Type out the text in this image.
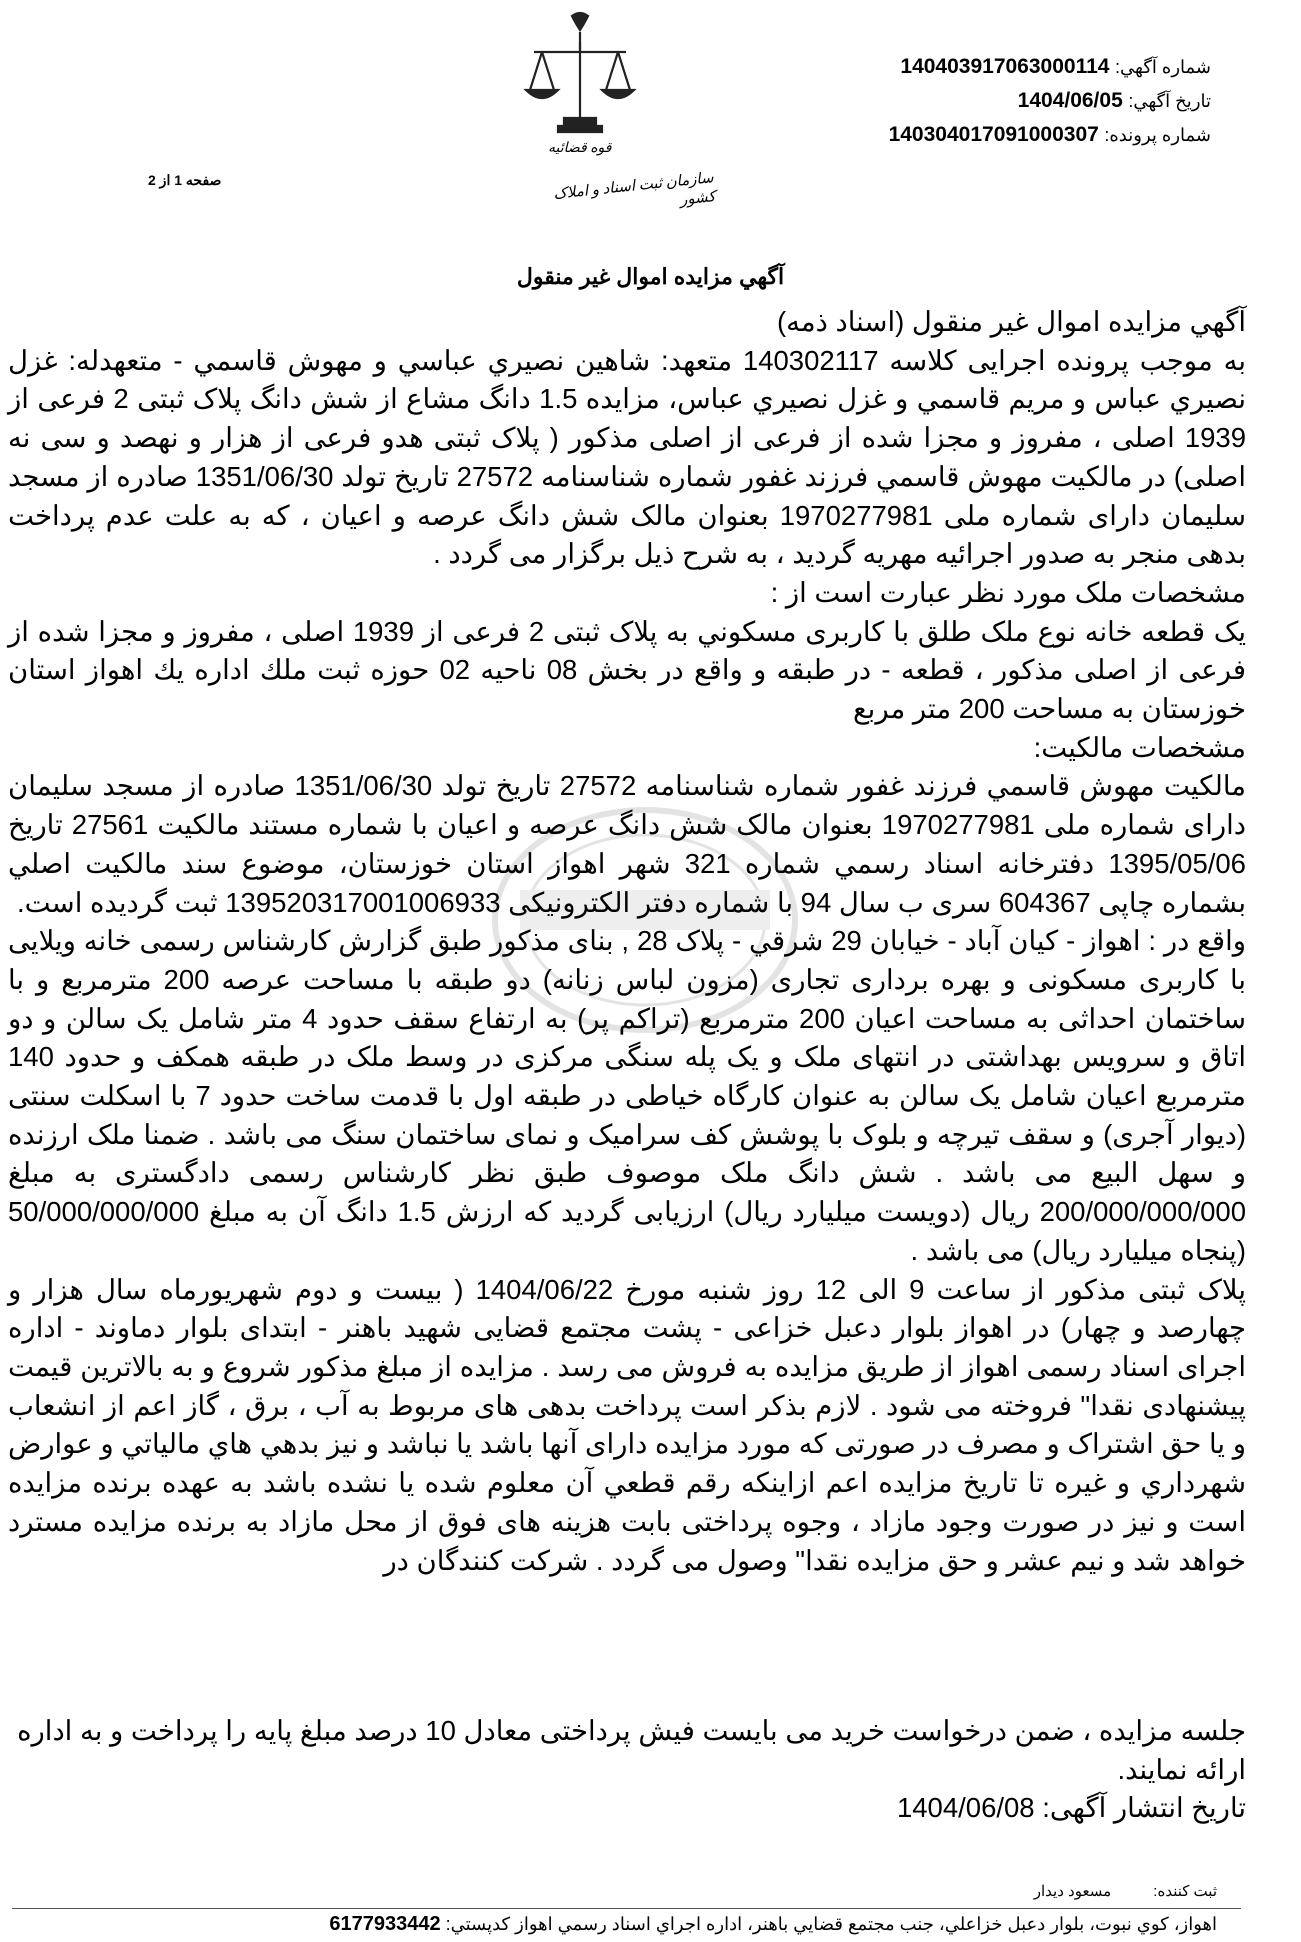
قوه قضائیه
سازمان ثبت اسناد و املاک کشور
صفحه 1 از 2
شماره آگهي: 140403917063000114
تاريخ آگهي: 1404/06/05
شماره پرونده: 140304017091000307
آگهي مزايده اموال غير منقول

آگهي مزايده اموال غير منقول (اسناد ذمه)

به موجب پرونده اجرايی كلاسه 140302117 متعهد: شاهين نصيري عباسي و مهوش قاسمي - متعهدله: غزل نصيري عباس و مريم قاسمي و غزل نصيري عباس، مزايده 1.5 دانگ مشاع از شش دانگ پلاک ثبتی 2 فرعی از 1939 اصلی ، مفروز و مجزا شده از فرعی از اصلی مذکور ( پلاک ثبتی هدو فرعی از هزار و نهصد و سی نه اصلی) در مالکيت مهوش قاسمي فرزند غفور شماره شناسنامه 27572 تاريخ تولد 1351/06/30 صادره از مسجد سليمان دارای شماره ملی 1970277981 بعنوان مالک شش دانگ عرصه و اعيان ، كه به علت عدم پرداخت بدهی منجر به صدور اجرائيه مهريه گرديد ، به شرح ذيل برگزار می گردد .

مشخصات ملک مورد نظر عبارت است از :

يک قطعه خانه نوع ملک طلق با كاربری مسكوني به پلاک ثبتی 2 فرعی از 1939 اصلی ، مفروز و مجزا شده از فرعی از اصلی مذکور ، قطعه - در طبقه و واقع در بخش 08 ناحيه 02 حوزه ثبت ملك اداره يك اهواز استان خوزستان به مساحت 200 متر مربع

مشخصات مالکيت:

مالکيت مهوش قاسمي فرزند غفور شماره شناسنامه 27572 تاريخ تولد 1351/06/30 صادره از مسجد سليمان دارای شماره ملی 1970277981 بعنوان مالک شش دانگ عرصه و اعيان با شماره مستند مالکيت 27561 تاريخ 1395/05/06 دفترخانه اسناد رسمي شماره 321 شهر اهواز استان خوزستان، موضوع سند مالکيت اصلي بشماره چاپی 604367 سری ب سال 94 با شماره دفتر الکترونيکی 139520317001006933 ثبت گرديده است.

واقع در : اهواز - كيان آباد - خيابان 29 شرقي - پلاک 28 , بنای مذكور طبق گزارش كارشناس رسمی خانه ويلایی با كاربری مسكونی و بهره برداری تجاری (مزون لباس زنانه) دو طبقه با مساحت عرصه 200 مترمربع و با ساختمان احداثی به مساحت اعيان 200 مترمربع (تراكم پر) به ارتفاع سقف حدود 4 متر شامل يک سالن و دو اتاق و سرويس بهداشتی در انتهای ملک و يک پله سنگی مركزی در وسط ملک در طبقه همكف و حدود 140 مترمربع اعيان شامل يک سالن به عنوان كارگاه خياطی در طبقه اول با قدمت ساخت حدود 7 با اسكلت سنتی (ديوار آجری) و سقف تيرچه و بلوک با پوشش كف سراميک و نمای ساختمان سنگ می باشد . ضمنا ملک ارزنده و سهل البيع می باشد . شش دانگ ملک موصوف طبق نظر كارشناس رسمی دادگستری به مبلغ 200/000/000/000 ريال (دويست ميليارد ريال) ارزيابی گرديد كه ارزش 1.5 دانگ آن به مبلغ 50/000/000/000 (پنجاه ميليارد ريال) می باشد .

پلاک ثبتی مذكور از ساعت 9 الی 12 روز شنبه مورخ 1404/06/22 ( بيست و دوم شهريورماه سال هزار و چهارصد و چهار) در اهواز بلوار دعبل خزاعی - پشت مجتمع قضايی شهيد باهنر - ابتدای بلوار دماوند - اداره اجرای اسناد رسمی اهواز از طريق مزايده به فروش می رسد . مزايده از مبلغ مذكور شروع و به بالاترين قيمت پيشنهادی نقدا" فروخته می شود . لازم بذكر است پرداخت بدهی های مربوط به آب ، برق ، گاز اعم از انشعاب و يا حق اشتراک و مصرف در صورتی كه مورد مزايده دارای آنها باشد يا نباشد و نيز بدهي هاي مالياتي و عوارض شهرداري و غيره تا تاريخ مزايده اعم ازاينكه رقم قطعي آن معلوم شده يا نشده باشد به عهده برنده مزايده است و نيز در صورت وجود مازاد ، وجوه پرداختی بابت هزينه های فوق از محل مازاد به برنده مزايده مسترد خواهد شد و نيم عشر و حق مزايده نقدا" وصول می گردد . شركت كنندگان در

جلسه مزايده ، ضمن درخواست خريد می بايست فيش پرداختی معادل 10 درصد مبلغ پايه را پرداخت و به اداره ارائه نمايند.

تاريخ انتشار آگهی: 1404/06/08

ثبت كننده: مسعود ديدار
اهواز، كوي نبوت، بلوار دعبل خزاعلي، جنب مجتمع قضايي باهنر، اداره اجراي اسناد رسمي اهواز كدپستي: 6177933442
